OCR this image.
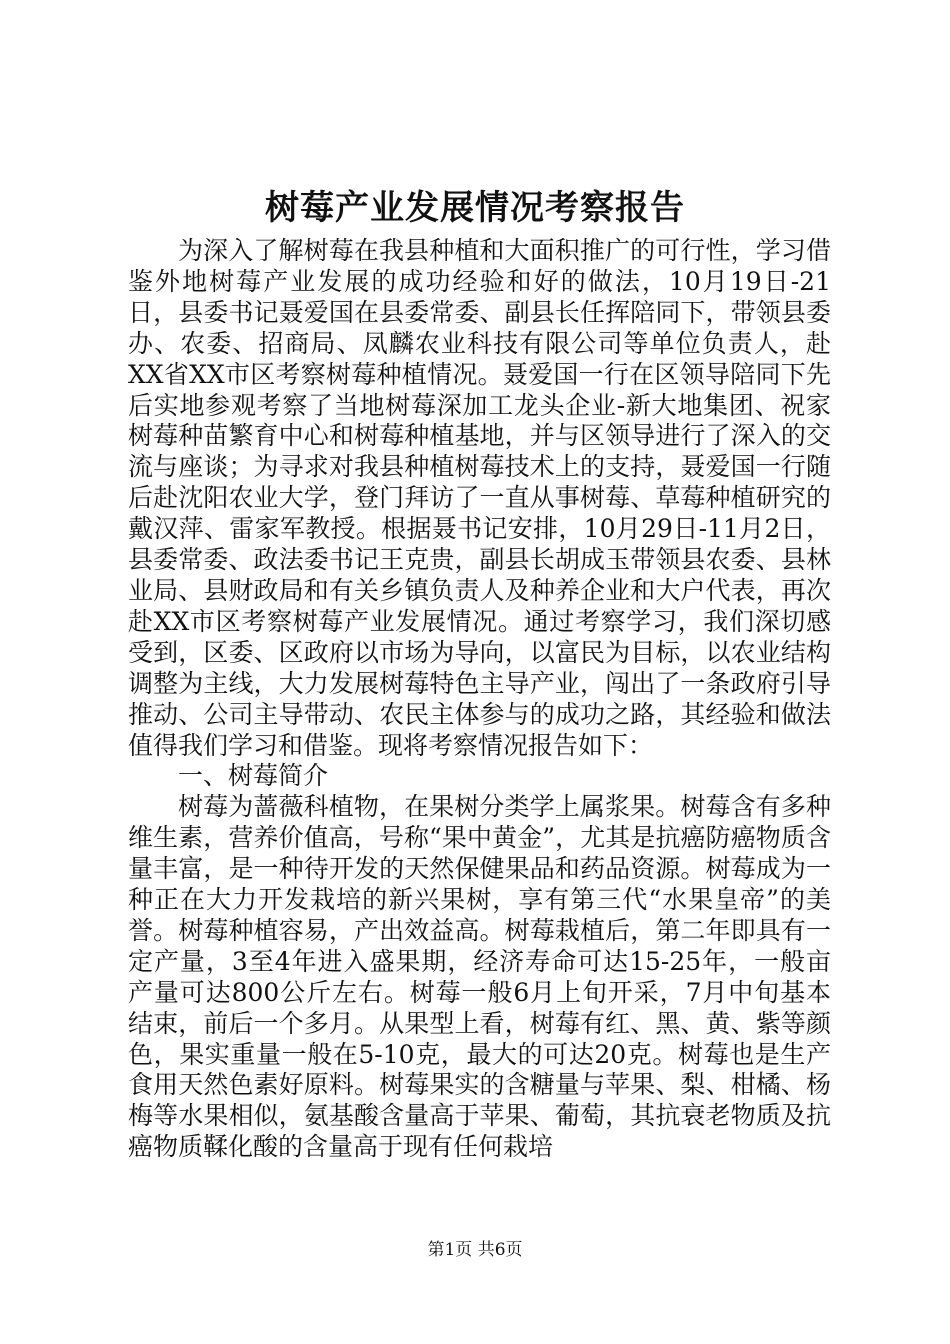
树莓产业发展情况考察报告

为深入了解树莓在我县种植和大面积推广的可行性，学习借鉴外地树莓产业发展的成功经验和好的做法，10月19日-21日，县委书记聂爱国在县委常委、副县长任挥陪同下，带领县委办、农委、招商局、凤麟农业科技有限公司等单位负责人，赴XX省XX市区考察树莓种植情况。聂爱国一行在区领导陪同下先后实地参观考察了当地树莓深加工龙头企业-新大地集团、祝家树莓种苗繁育中心和树莓种植基地，并与区领导进行了深入的交流与座谈；为寻求对我县种植树莓技术上的支持，聂爱国一行随后赴沈阳农业大学，登门拜访了一直从事树莓、草莓种植研究的戴汉萍、雷家军教授。根据聂书记安排，10月29日-11月2日，县委常委、政法委书记王克贵，副县长胡成玉带领县农委、县林业局、县财政局和有关乡镇负责人及种养企业和大户代表，再次赴XX市区考察树莓产业发展情况。通过考察学习，我们深切感受到，区委、区政府以市场为导向，以富民为目标，以农业结构调整为主线，大力发展树莓特色主导产业，闯出了一条政府引导推动、公司主导带动、农民主体参与的成功之路，其经验和做法值得我们学习和借鉴。现将考察情况报告如下：

一、树莓简介

树莓为蔷薇科植物，在果树分类学上属浆果。树莓含有多种维生素，营养价值高，号称“果中黄金”，尤其是抗癌防癌物质含量丰富，是一种待开发的天然保健果品和药品资源。树莓成为一种正在大力开发栽培的新兴果树，享有第三代“水果皇帝”的美誉。树莓种植容易，产出效益高。树莓栽植后，第二年即具有一定产量，3至4年进入盛果期，经济寿命可达15-25年，一般亩产量可达800公斤左右。树莓一般6月上旬开采，7月中旬基本结束，前后一个多月。从果型上看，树莓有红、黑、黄、紫等颜色，果实重量一般在5-10克，最大的可达20克。树莓也是生产食用天然色素好原料。树莓果实的含糖量与苹果、梨、柑橘、杨梅等水果相似，氨基酸含量高于苹果、葡萄，其抗衰老物质及抗癌物质鞣化酸的含量高于现有任何栽培

第1页 共6页
